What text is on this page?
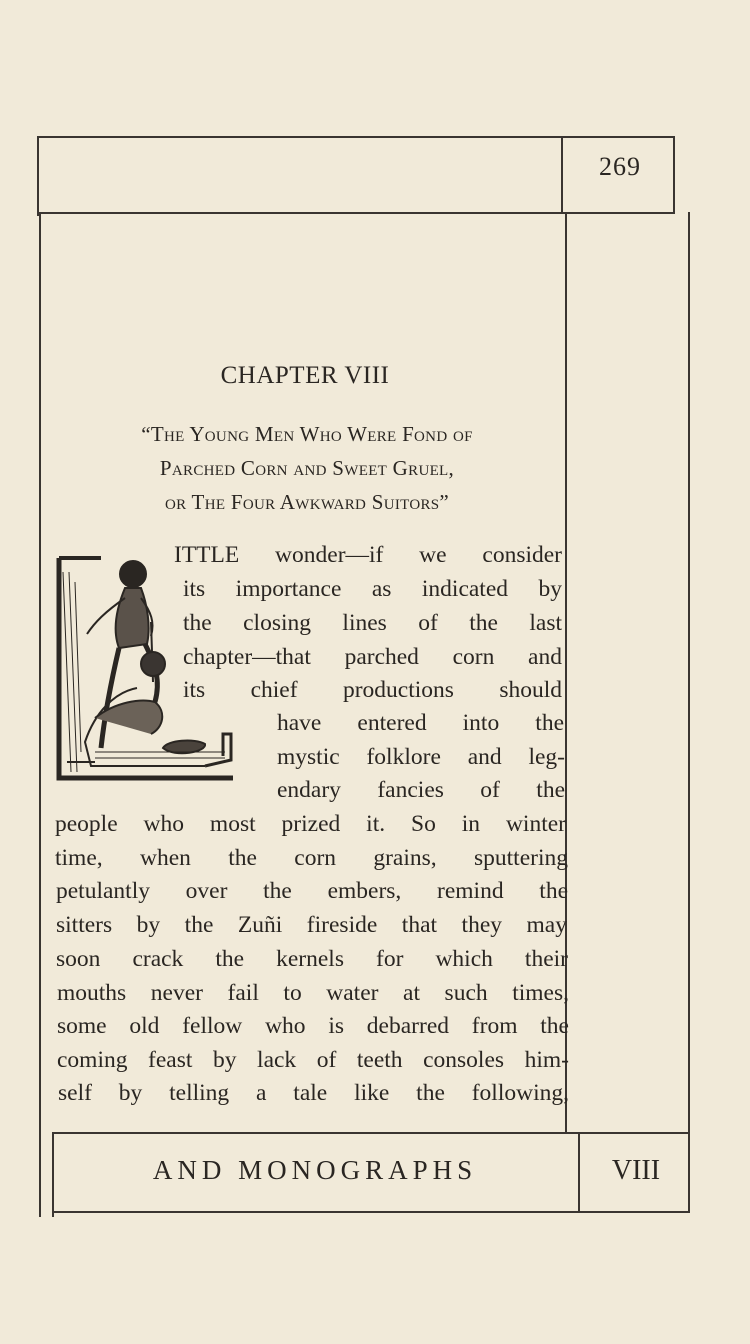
269
CHAPTER VIII
“The Young Men Who Were Fond of
Parched Corn and Sweet Gruel,
or The Four Awkward Suitors”
ITTLE wonder—if we consider
its importance as indicated by
the closing lines of the last
chapter—that parched corn and
its chief productions should
have entered into the
mystic folklore and leg-
endary fancies of the
people who most prized it. So in winter
time, when the corn grains, sputtering
petulantly over the embers, remind the
sitters by the Zuñi fireside that they may
soon crack the kernels for which their
mouths never fail to water at such times,
some old fellow who is debarred from the
coming feast by lack of teeth consoles him-
self by telling a tale like the following,
AND MONOGRAPHS	VIII
